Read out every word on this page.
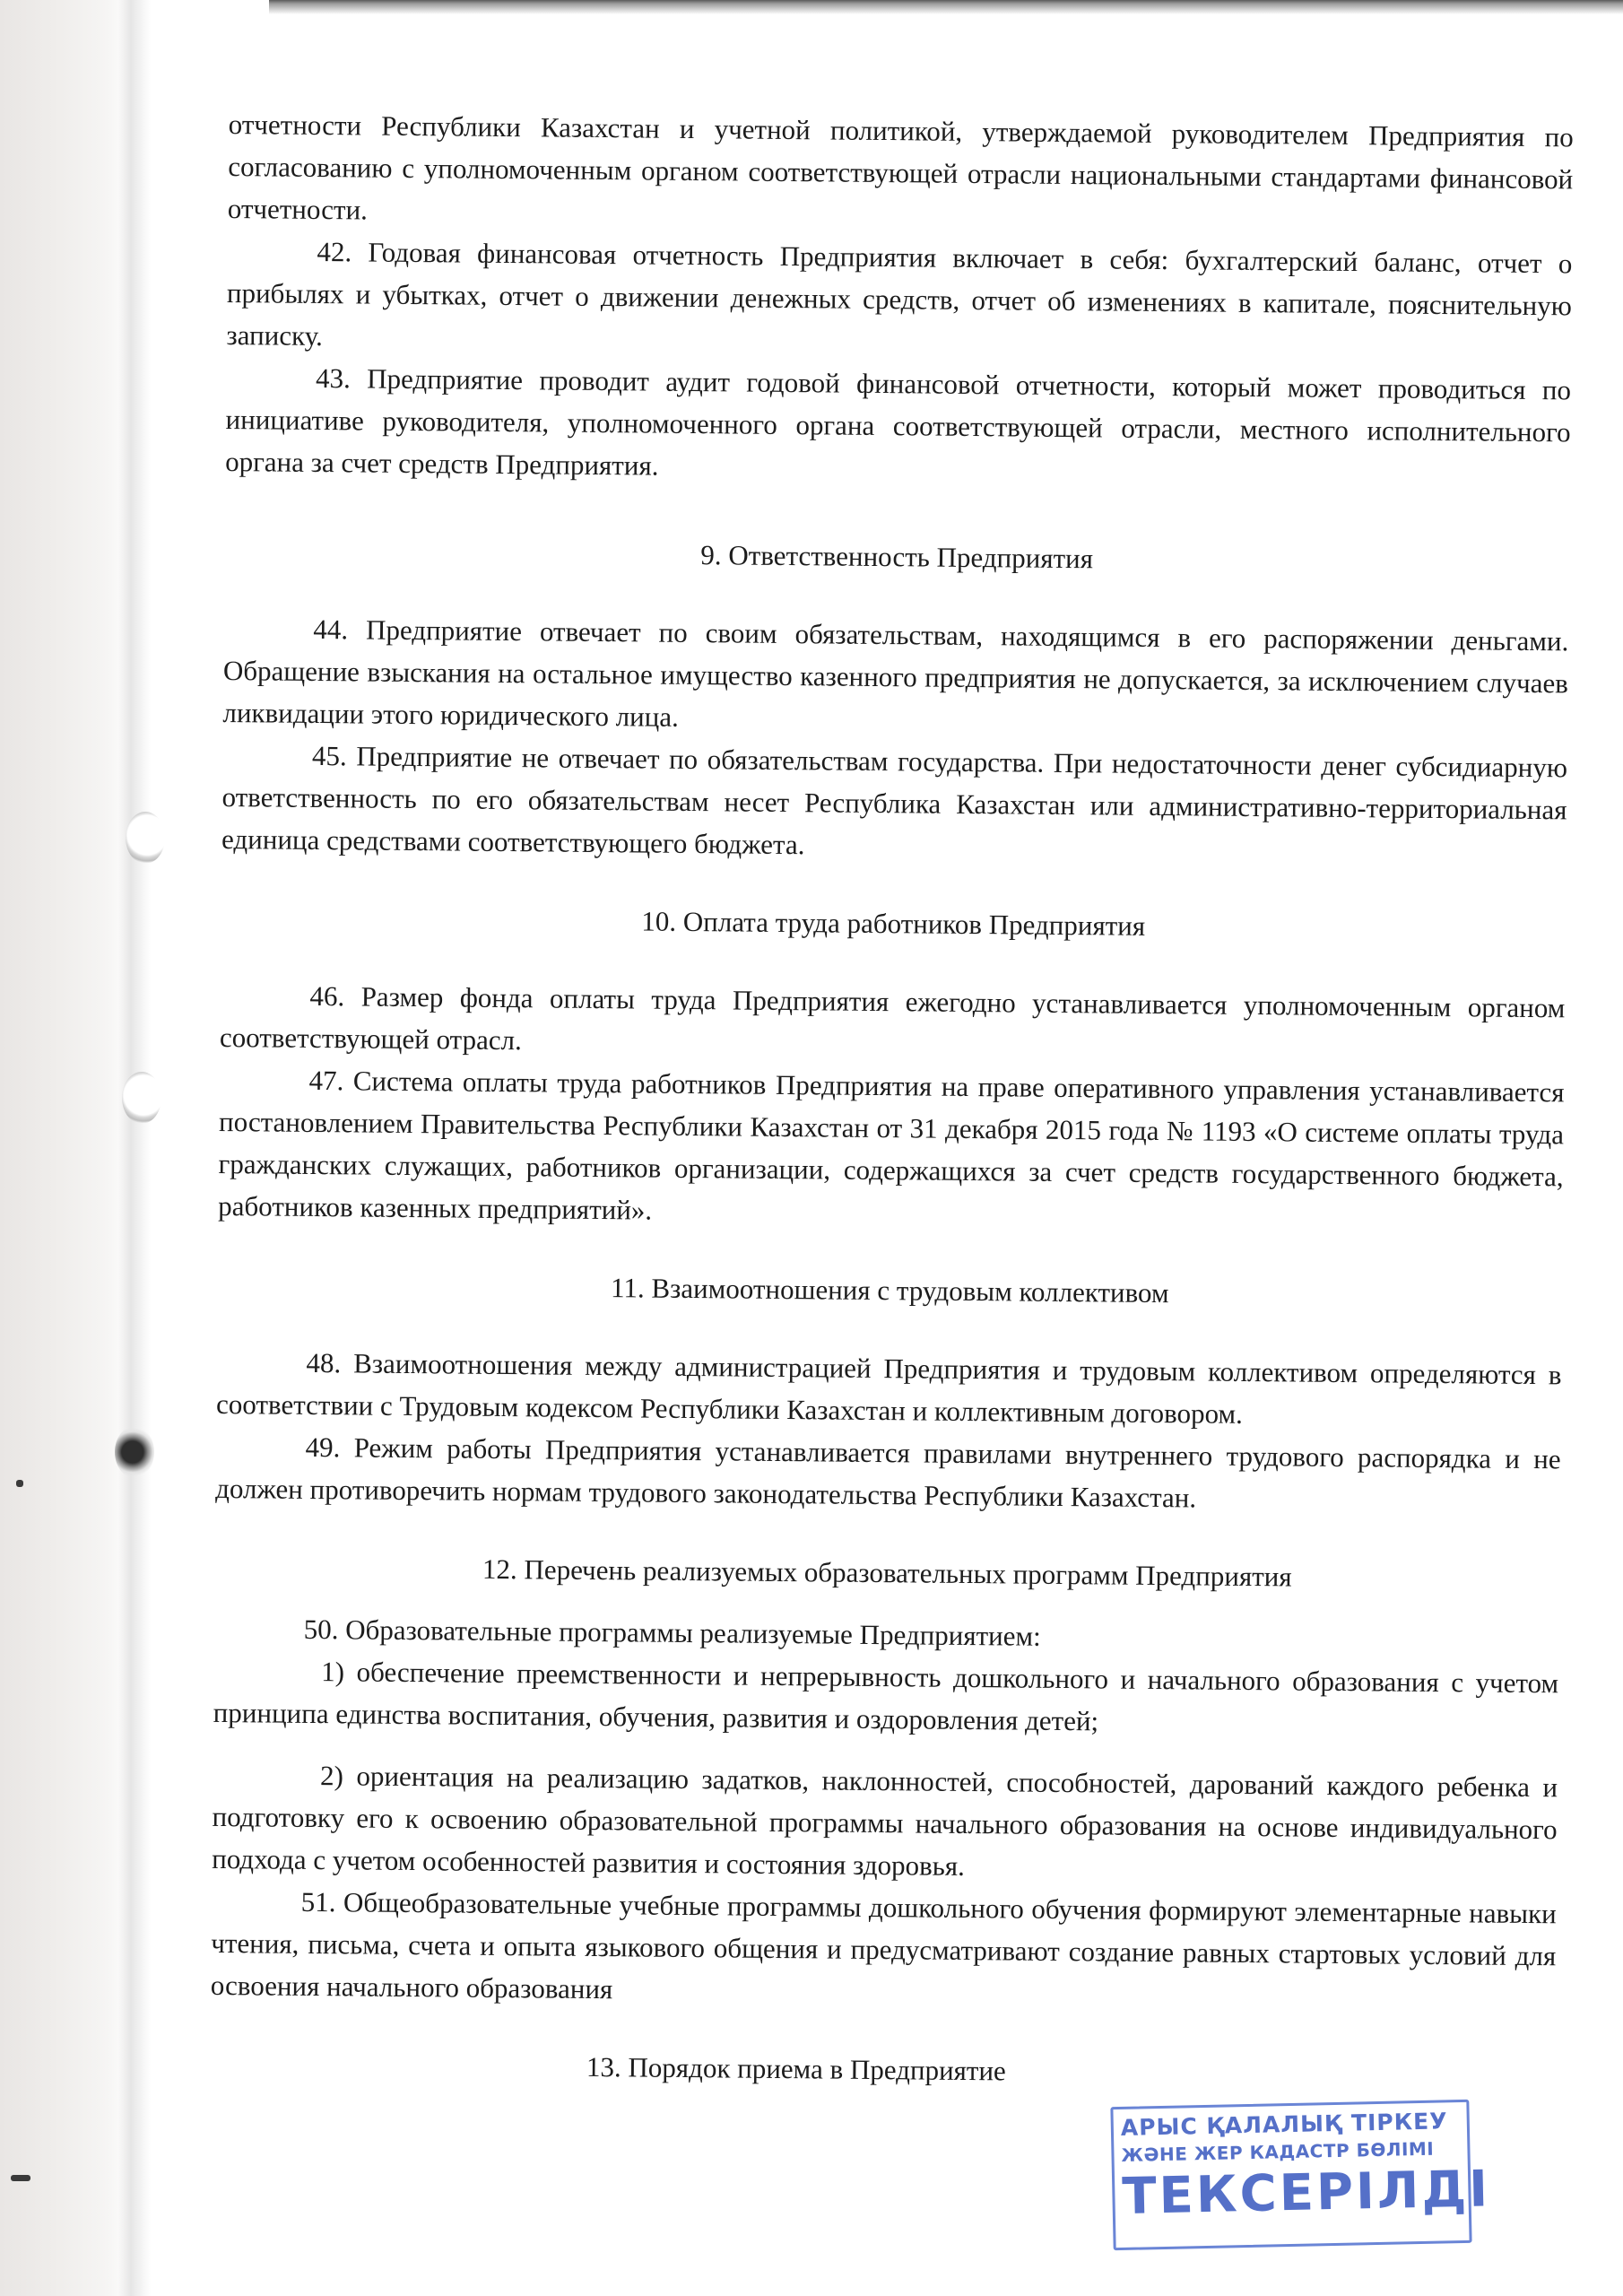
отчетности Республики Казахстан и учетной политикой, утверждаемой руководителем Предприятия по согласованию с уполномоченным органом соответствующей отрасли национальными стандартами финансовой отчетности.

42. Годовая финансовая отчетность Предприятия включает в себя: бухгалтерский баланс, отчет о прибылях и убытках, отчет о движении денежных средств, отчет об изменениях в капитале, пояснительную записку.

43. Предприятие проводит аудит годовой финансовой отчетности, который может проводиться по инициативе руководителя, уполномоченного органа соответствующей отрасли, местного исполнительного органа за счет средств Предприятия.

9. Ответственность Предприятия

44. Предприятие отвечает по своим обязательствам, находящимся в его распоряжении деньгами. Обращение взыскания на остальное имущество казенного предприятия не допускается, за исключением случаев ликвидации этого юридического лица.

45. Предприятие не отвечает по обязательствам государства. При недостаточности денег субсидиарную ответственность по его обязательствам несет Республика Казахстан или административно-территориальная единица средствами соответствующего бюджета.

10. Оплата труда работников Предприятия

46. Размер фонда оплаты труда Предприятия ежегодно устанавливается уполномоченным органом соответствующей отрасл.

47. Система оплаты труда работников Предприятия на праве оперативного управления устанавливается постановлением Правительства Республики Казахстан от 31 декабря 2015 года № 1193 «О системе оплаты труда гражданских служащих, работников организации, содержащихся за счет средств государственного бюджета, работников казенных предприятий».

11. Взаимоотношения с трудовым коллективом

48. Взаимоотношения между администрацией Предприятия и трудовым коллективом определяются в соответствии с Трудовым кодексом Республики Казахстан и коллективным договором.

49. Режим работы Предприятия устанавливается правилами внутреннего трудового распорядка и не должен противоречить нормам трудового законодательства Республики Казахстан.

12. Перечень реализуемых образовательных программ Предприятия

50. Образовательные программы реализуемые Предприятием:

1) обеспечение преемственности и непрерывность дошкольного и начального образования с учетом принципа единства воспитания, обучения, развития и оздоровления детей;

2) ориентация на реализацию задатков, наклонностей, способностей, дарований каждого ребенка и подготовку его к освоению образовательной программы начального образования на основе индивидуального подхода с учетом особенностей развития и состояния здоровья.

51. Общеобразовательные учебные программы дошкольного обучения формируют элементарные навыки чтения, письма, счета и опыта языкового общения и предусматривают создание равных стартовых условий для освоения начального образования

13. Порядок приема в Предприятие
АРЫС ҚАЛАЛЫҚ ТІРКЕУ
ЖӘНЕ ЖЕР КАДАСТР БӨЛІМІ
ТЕКСЕРІЛДІ
